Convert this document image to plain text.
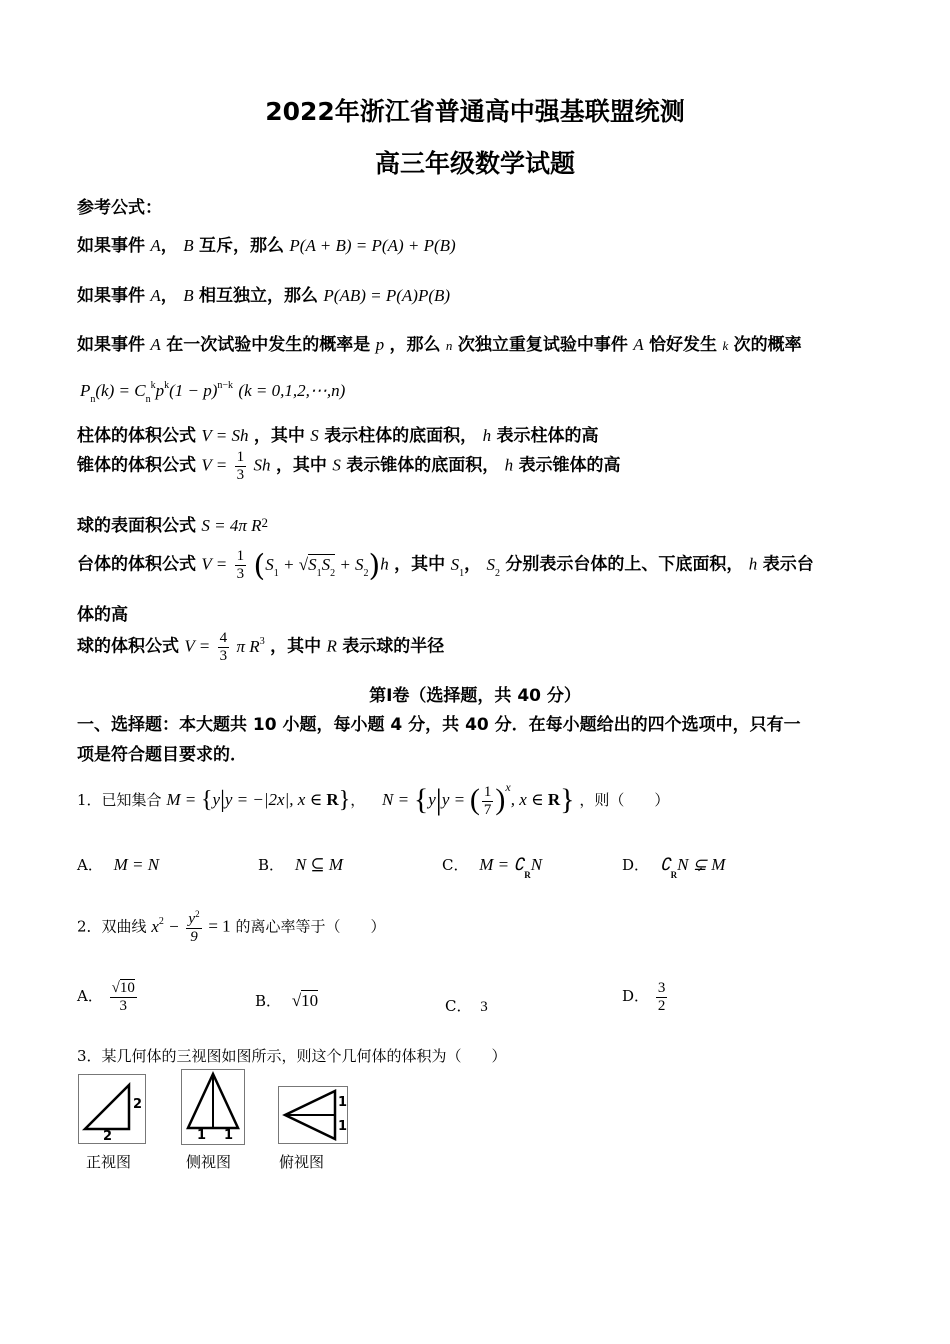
2022年浙江省普通高中强基联盟统测
高三年级数学试题
参考公式：
如果事件 A， B 互斥，那么 P(A + B) = P(A) + P(B)
如果事件 A， B 相互独立，那么 P(AB) = P(A)P(B)
如果事件 A 在一次试验中发生的概率是 p ，那么 n 次独立重复试验中事件 A 恰好发生 k 次的概率
$P_n(k) = C_n^kp^k(1 - p)^{n-k}$ (k = 0,1,2,⋯,n)
柱体的体积公式 V = Sh ，其中 S 表示柱体的底面积， h 表示柱体的高
锥体的体积公式 $V = \frac{1}{3}$ Sh ，其中 S 表示锥体的底面积， h 表示锥体的高
球的表面积公式 S = 4π $R^2$
台体的体积公式 $V = \frac{1}{3} (S_1 + √S_1S_2 + S_2)h$ ，其中 $S_1$， $S_2$ 分别表示台体的上、下底面积， h 表示台
体的高
球的体积公式 $V = \frac{4}{3}$ π $R^3$ ，其中 R 表示球的半径
第Ⅰ卷（选择题，共 40 分）
一、选择题：本大题共 10 小题，每小题 4 分，共 40 分．在每小题给出的四个选项中，只有一
项是符合题目要求的．
1．已知集合 M = {y|y = −|2x|, x ∈ R}， N = {y|y = ( $\frac{1}{7} )^x$, x ∈ R} ，则（　　）
A． M = N	B． N ⊆ M	C． $M = ∁_RN$	D． $∁_RN$ ⊊ M
2．双曲线 $x^2 - \frac{y^2}{9} = 1$ 的离心率等于（　　）
A． $\frac{√10}{3}$	B． √10	C． 3
D． $\frac{3}{2}$
3．某几何体的三视图如图所示，则这个几何体的体积为（　　）
2
2
正视图
1 1
侧视图
1
1
俯视图
